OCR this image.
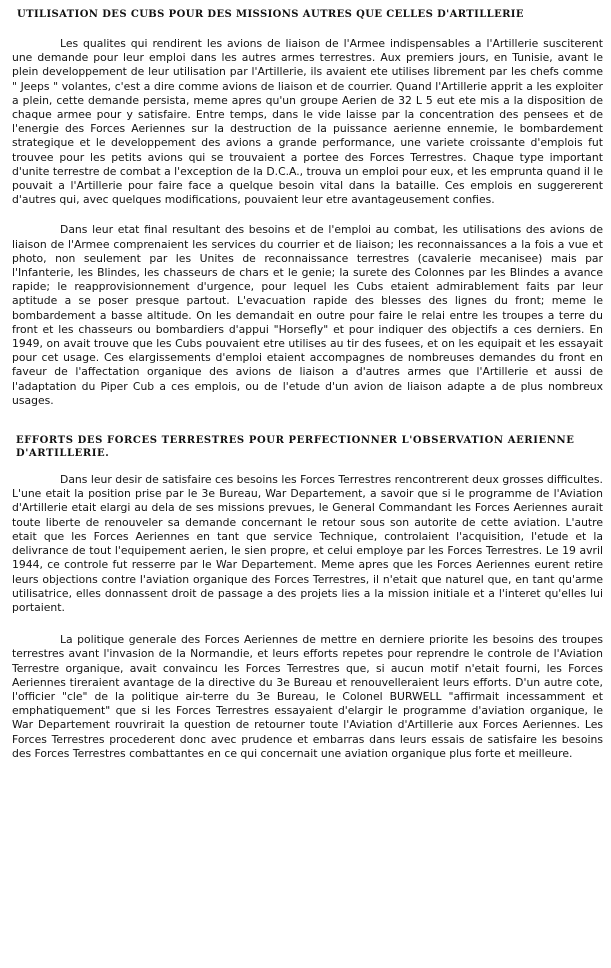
UTILISATION DES CUBS POUR DES MISSIONS AUTRES QUE CELLES D'ARTILLERIE

Les qualites qui rendirent les avions de liaison de l'Armee indispensables a l'Artillerie susciterent une demande pour leur emploi dans les autres armes terrestres. Aux premiers jours, en Tunisie, avant le plein developpement de leur utilisation par l'Artillerie, ils avaient ete utilises librement par les chefs comme " Jeeps " volantes, c'est a dire comme avions de liaison et de courrier. Quand l'Artillerie apprit a les exploiter a plein, cette demande persista, meme apres qu'un groupe Aerien de 32 L 5 eut ete mis a la disposition de chaque armee pour y satisfaire. Entre temps, dans le vide laisse par la concentration des pensees et de l'energie des Forces Aeriennes sur la destruction de la puissance aerienne ennemie, le bombardement strategique et le developpement des avions a grande performance, une variete croissante d'emplois fut trouvee pour les petits avions qui se trouvaient a portee des Forces Terrestres. Chaque type important d'unite terrestre de combat a l'exception de la D.C.A., trouva un emploi pour eux, et les emprunta quand il le pouvait a l'Artillerie pour faire face a quelque besoin vital dans la bataille. Ces emplois en suggererent d'autres qui, avec quelques modifications, pouvaient leur etre avantageusement confies.

Dans leur etat final resultant des besoins et de l'emploi au combat, les utilisations des avions de liaison de l'Armee comprenaient les services du courrier et de liaison; les reconnaissances a la fois a vue et photo, non seulement par les Unites de reconnaissance terrestres (cavalerie mecanisee) mais par l'Infanterie, les Blindes, les chasseurs de chars et le genie; la surete des Colonnes par les Blindes a avance rapide; le reapprovisionnement d'urgence, pour lequel les Cubs etaient admirablement faits par leur aptitude a se poser presque partout. L'evacuation rapide des blesses des lignes du front; meme le bombardement a basse altitude. On les demandait en outre pour faire le relai entre les troupes a terre du front et les chasseurs ou bombardiers d'appui "Horsefly" et pour indiquer des objectifs a ces derniers. En 1949, on avait trouve que les Cubs pouvaient etre utilises au tir des fusees, et on les equipait et les essayait pour cet usage. Ces elargissements d'emploi etaient accompagnes de nombreuses demandes du front en faveur de l'affectation organique des avions de liaison a d'autres armes que l'Artillerie et aussi de l'adaptation du Piper Cub a ces emplois, ou de l'etude d'un avion de liaison adapte a de plus nombreux usages.

EFFORTS DES FORCES TERRESTRES POUR PERFECTIONNER L'OBSERVATION AERIENNE D'ARTILLERIE.

Dans leur desir de satisfaire ces besoins les Forces Terrestres rencontrerent deux grosses difficultes. L'une etait la position prise par le 3e Bureau, War Departement, a savoir que si le programme de l'Aviation d'Artillerie etait elargi au dela de ses missions prevues, le General Commandant les Forces Aeriennes aurait toute liberte de renouveler sa demande concernant le retour sous son autorite de cette aviation. L'autre etait que les Forces Aeriennes en tant que service Technique, controlaient l'acquisition, l'etude et la delivrance de tout l'equipement aerien, le sien propre, et celui employe par les Forces Terrestres. Le 19 avril 1944, ce controle fut resserre par le War Departement. Meme apres que les Forces Aeriennes eurent retire leurs objections contre l'aviation organique des Forces Terrestres, il n'etait que naturel que, en tant qu'arme utilisatrice, elles donnassent droit de passage a des projets lies a la mission initiale et a l'interet qu'elles lui portaient.

La politique generale des Forces Aeriennes de mettre en derniere priorite les besoins des troupes terrestres avant l'invasion de la Normandie, et leurs efforts repetes pour reprendre le controle de l'Aviation Terrestre organique, avait convaincu les Forces Terrestres que, si aucun motif n'etait fourni, les Forces Aeriennes tireraient avantage de la directive du 3e Bureau et renouvelleraient leurs efforts. D'un autre cote, l'officier "cle" de la politique air-terre du 3e Bureau, le Colonel BURWELL "affirmait incessamment et emphatiquement" que si les Forces Terrestres essayaient d'elargir le programme d'aviation organique, le War Departement rouvrirait la question de retourner toute l'Aviation d'Artillerie aux Forces Aeriennes. Les Forces Terrestres procederent donc avec prudence et embarras dans leurs essais de satisfaire les besoins des Forces Terrestres combattantes en ce qui concernait une aviation organique plus forte et meilleure.
